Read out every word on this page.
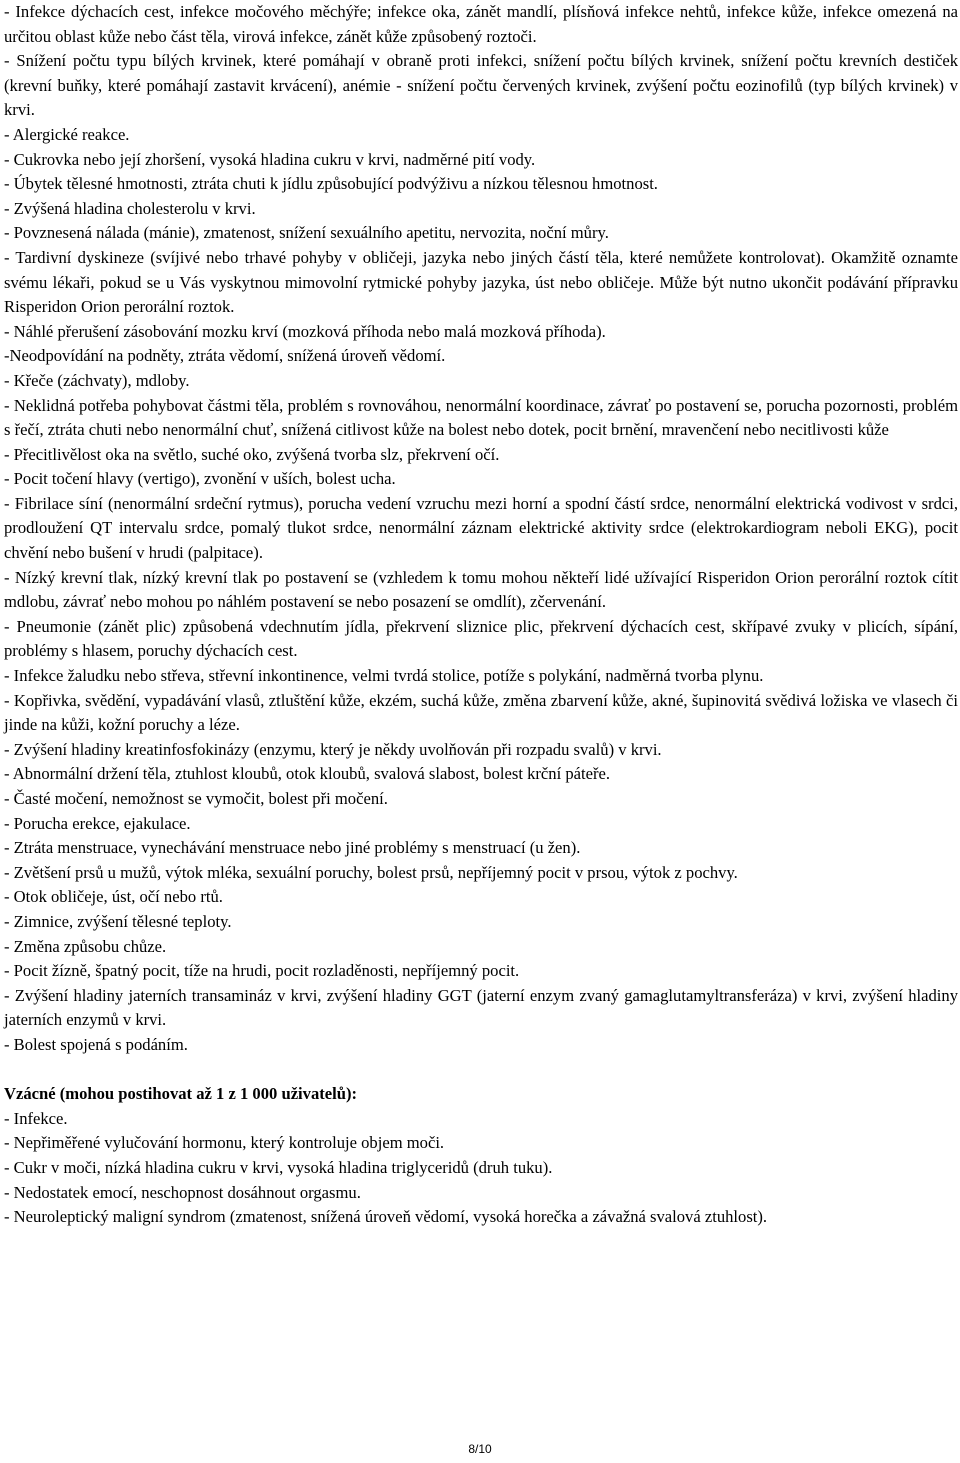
- Infekce dýchacích cest, infekce močového měchýře; infekce oka, zánět mandlí, plísňová infekce nehtů, infekce kůže, infekce omezená na určitou oblast kůže nebo část těla, virová infekce, zánět kůže způsobený roztoči.

- Snížení počtu typu bílých krvinek, které pomáhají v obraně proti infekci, snížení počtu bílých krvinek, snížení počtu krevních destiček (krevní buňky, které pomáhají zastavit krvácení), anémie - snížení počtu červených krvinek, zvýšení počtu eozinofilů (typ bílých krvinek) v krvi.

- Alergické reakce.

- Cukrovka nebo její zhoršení, vysoká hladina cukru v krvi, nadměrné pití vody.

- Úbytek tělesné hmotnosti, ztráta chuti k jídlu způsobující podvýživu a nízkou tělesnou hmotnost.

- Zvýšená hladina cholesterolu v krvi.

- Povznesená nálada (mánie), zmatenost, snížení sexuálního apetitu, nervozita, noční můry.

- Tardivní dyskineze (svíjivé nebo trhavé pohyby v obličeji, jazyka nebo jiných částí těla, které nemůžete kontrolovat). Okamžitě oznamte svému lékaři, pokud se u Vás vyskytnou mimovolní rytmické pohyby jazyka, úst nebo obličeje. Může být nutno ukončit podávání přípravku Risperidon Orion perorální roztok.

- Náhlé přerušení zásobování mozku krví (mozková příhoda nebo malá mozková příhoda).

-Neodpovídání na podněty, ztráta vědomí, snížená úroveň vědomí.

- Křeče (záchvaty), mdloby.

- Neklidná potřeba pohybovat částmi těla, problém s rovnováhou, nenormální koordinace, závrať po postavení se, porucha pozornosti, problém s řečí, ztráta chuti nebo nenormální chuť, snížená citlivost kůže na bolest nebo dotek, pocit brnění, mravenčení nebo necitlivosti kůže

- Přecitlivělost oka na světlo, suché oko, zvýšená tvorba slz, překrvení očí.

- Pocit točení hlavy (vertigo), zvonění v uších, bolest ucha.

- Fibrilace síní (nenormální srdeční rytmus), porucha vedení vzruchu mezi horní a spodní částí srdce, nenormální elektrická vodivost v srdci, prodloužení QT intervalu srdce, pomalý tlukot srdce, nenormální záznam elektrické aktivity srdce (elektrokardiogram neboli EKG), pocit chvění nebo bušení v hrudi (palpitace).

- Nízký krevní tlak, nízký krevní tlak po postavení se (vzhledem k tomu mohou někteří lidé užívající Risperidon Orion perorální roztok cítit mdlobu, závrať nebo mohou po náhlém postavení se nebo posazení se omdlít), zčervenání.

- Pneumonie (zánět plic) způsobená vdechnutím jídla, překrvení sliznice plic, překrvení dýchacích cest, skřípavé zvuky v plicích, sípání, problémy s hlasem, poruchy dýchacích cest.

- Infekce žaludku nebo střeva, střevní inkontinence, velmi tvrdá stolice, potíže s polykání, nadměrná tvorba plynu.

- Kopřivka, svědění, vypadávání vlasů, ztluštění kůže, ekzém, suchá kůže, změna zbarvení kůže, akné, šupinovitá svědivá ložiska ve vlasech či jinde na kůži, kožní poruchy a léze.

- Zvýšení hladiny kreatinfosfokinázy (enzymu, který je někdy uvolňován při rozpadu svalů) v krvi.

- Abnormální držení těla, ztuhlost kloubů, otok kloubů, svalová slabost, bolest krční páteře.

- Časté močení, nemožnost se vymočit, bolest při močení.

- Porucha erekce, ejakulace.

- Ztráta menstruace, vynechávání menstruace nebo jiné problémy s menstruací (u žen).

- Zvětšení prsů u mužů, výtok mléka, sexuální poruchy, bolest prsů, nepříjemný pocit v prsou, výtok z pochvy.

- Otok obličeje, úst, očí nebo rtů.

- Zimnice, zvýšení tělesné teploty.

- Změna způsobu chůze.

- Pocit žízně, špatný pocit, tíže na hrudi, pocit rozladěnosti, nepříjemný pocit.

- Zvýšení hladiny jaterních transamináz v krvi, zvýšení hladiny GGT (jaterní enzym zvaný gamaglutamyltransferáza) v krvi, zvýšení hladiny jaterních enzymů v krvi.

- Bolest spojená s podáním.

Vzácné (mohou postihovat až 1 z 1 000 uživatelů):

- Infekce.

- Nepřiměřené vylučování hormonu, který kontroluje objem moči.

- Cukr v moči, nízká hladina cukru v krvi, vysoká hladina triglyceridů (druh tuku).

- Nedostatek emocí, neschopnost dosáhnout orgasmu.

- Neuroleptický maligní syndrom (zmatenost, snížená úroveň vědomí, vysoká horečka a závažná svalová ztuhlost).

8/10
